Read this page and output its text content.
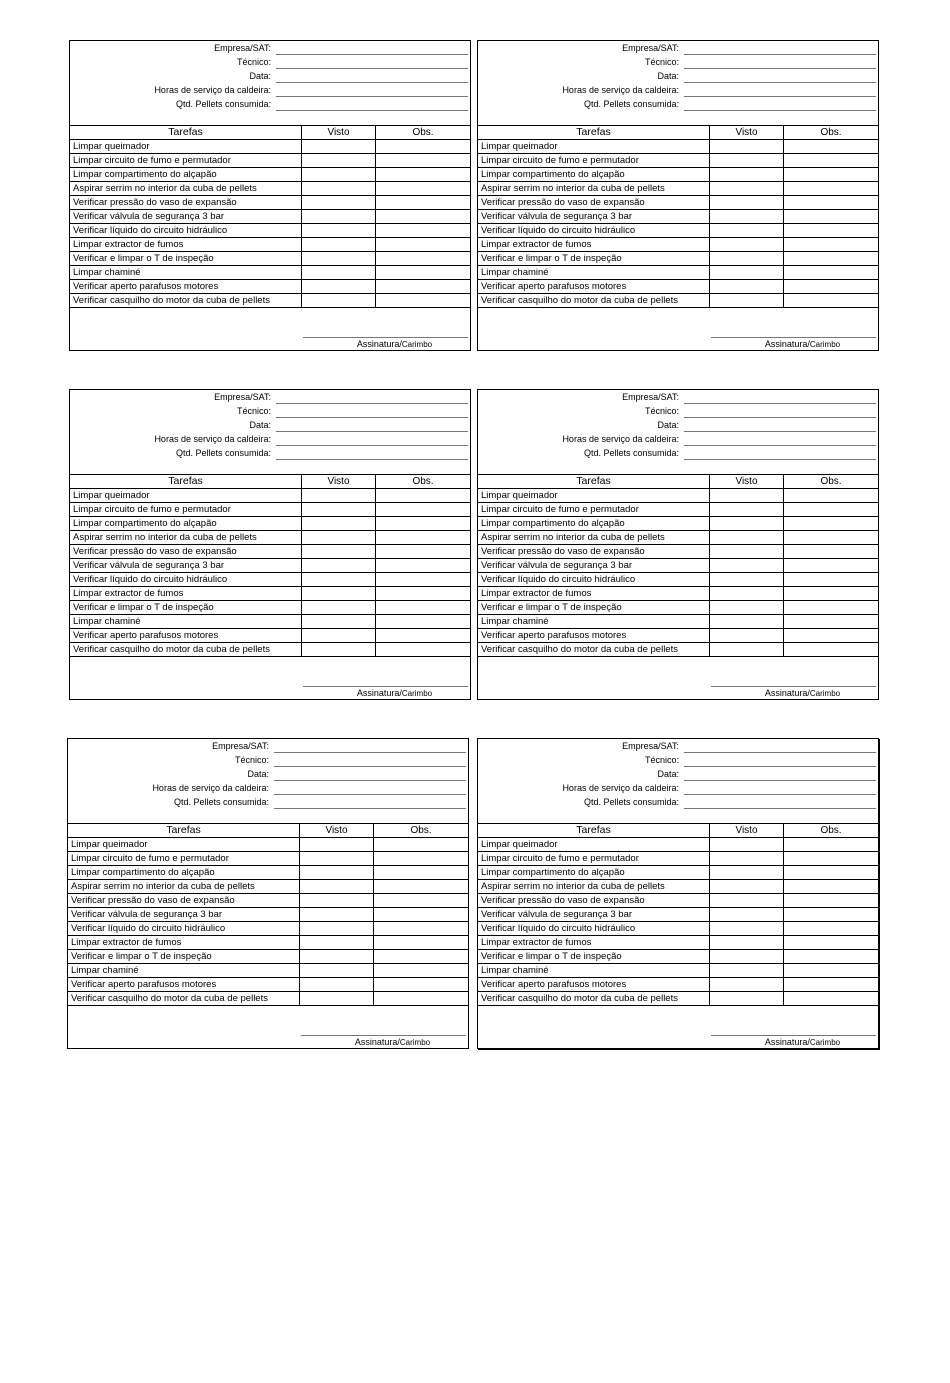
Empresa/SAT:
Técnico:
Data:
Horas de serviço da caldeira:
Qtd. Pellets consumida:
Tarefas	Visto	Obs.
Limpar queimador		
Limpar circuito de fumo e permutador		
Limpar compartimento do alçapão		
Aspirar serrim no interior da cuba de pellets		
Verificar pressão do vaso de expansão		
Verificar válvula de segurança 3 bar		
Verificar líquido do circuito hidráulico		
Limpar extractor de fumos		
Verificar e limpar o T de inspeção		
Limpar chaminé		
Verificar aperto parafusos motores		
Verificar casquilho do motor da cuba de pellets		
Assinatura/Carimbo
Empresa/SAT:
Técnico:
Data:
Horas de serviço da caldeira:
Qtd. Pellets consumida:
Tarefas	Visto	Obs.
Limpar queimador		
Limpar circuito de fumo e permutador		
Limpar compartimento do alçapão		
Aspirar serrim no interior da cuba de pellets		
Verificar pressão do vaso de expansão		
Verificar válvula de segurança 3 bar		
Verificar líquido do circuito hidráulico		
Limpar extractor de fumos		
Verificar e limpar o T de inspeção		
Limpar chaminé		
Verificar aperto parafusos motores		
Verificar casquilho do motor da cuba de pellets		
Assinatura/Carimbo
Empresa/SAT:
Técnico:
Data:
Horas de serviço da caldeira:
Qtd. Pellets consumida:
Tarefas	Visto	Obs.
Limpar queimador		
Limpar circuito de fumo e permutador		
Limpar compartimento do alçapão		
Aspirar serrim no interior da cuba de pellets		
Verificar pressão do vaso de expansão		
Verificar válvula de segurança 3 bar		
Verificar líquido do circuito hidráulico		
Limpar extractor de fumos		
Verificar e limpar o T de inspeção		
Limpar chaminé		
Verificar aperto parafusos motores		
Verificar casquilho do motor da cuba de pellets		
Assinatura/Carimbo
Empresa/SAT:
Técnico:
Data:
Horas de serviço da caldeira:
Qtd. Pellets consumida:
Tarefas	Visto	Obs.
Limpar queimador		
Limpar circuito de fumo e permutador		
Limpar compartimento do alçapão		
Aspirar serrim no interior da cuba de pellets		
Verificar pressão do vaso de expansão		
Verificar válvula de segurança 3 bar		
Verificar líquido do circuito hidráulico		
Limpar extractor de fumos		
Verificar e limpar o T de inspeção		
Limpar chaminé		
Verificar aperto parafusos motores		
Verificar casquilho do motor da cuba de pellets		
Assinatura/Carimbo
Empresa/SAT:
Técnico:
Data:
Horas de serviço da caldeira:
Qtd. Pellets consumida:
Tarefas	Visto	Obs.
Limpar queimador		
Limpar circuito de fumo e permutador		
Limpar compartimento do alçapão		
Aspirar serrim no interior da cuba de pellets		
Verificar pressão do vaso de expansão		
Verificar válvula de segurança 3 bar		
Verificar líquido do circuito hidráulico		
Limpar extractor de fumos		
Verificar e limpar o T de inspeção		
Limpar chaminé		
Verificar aperto parafusos motores		
Verificar casquilho do motor da cuba de pellets		
Assinatura/Carimbo
Empresa/SAT:
Técnico:
Data:
Horas de serviço da caldeira:
Qtd. Pellets consumida:
Tarefas	Visto	Obs.
Limpar queimador		
Limpar circuito de fumo e permutador		
Limpar compartimento do alçapão		
Aspirar serrim no interior da cuba de pellets		
Verificar pressão do vaso de expansão		
Verificar válvula de segurança 3 bar		
Verificar líquido do circuito hidráulico		
Limpar extractor de fumos		
Verificar e limpar o T de inspeção		
Limpar chaminé		
Verificar aperto parafusos motores		
Verificar casquilho do motor da cuba de pellets		
Assinatura/Carimbo
